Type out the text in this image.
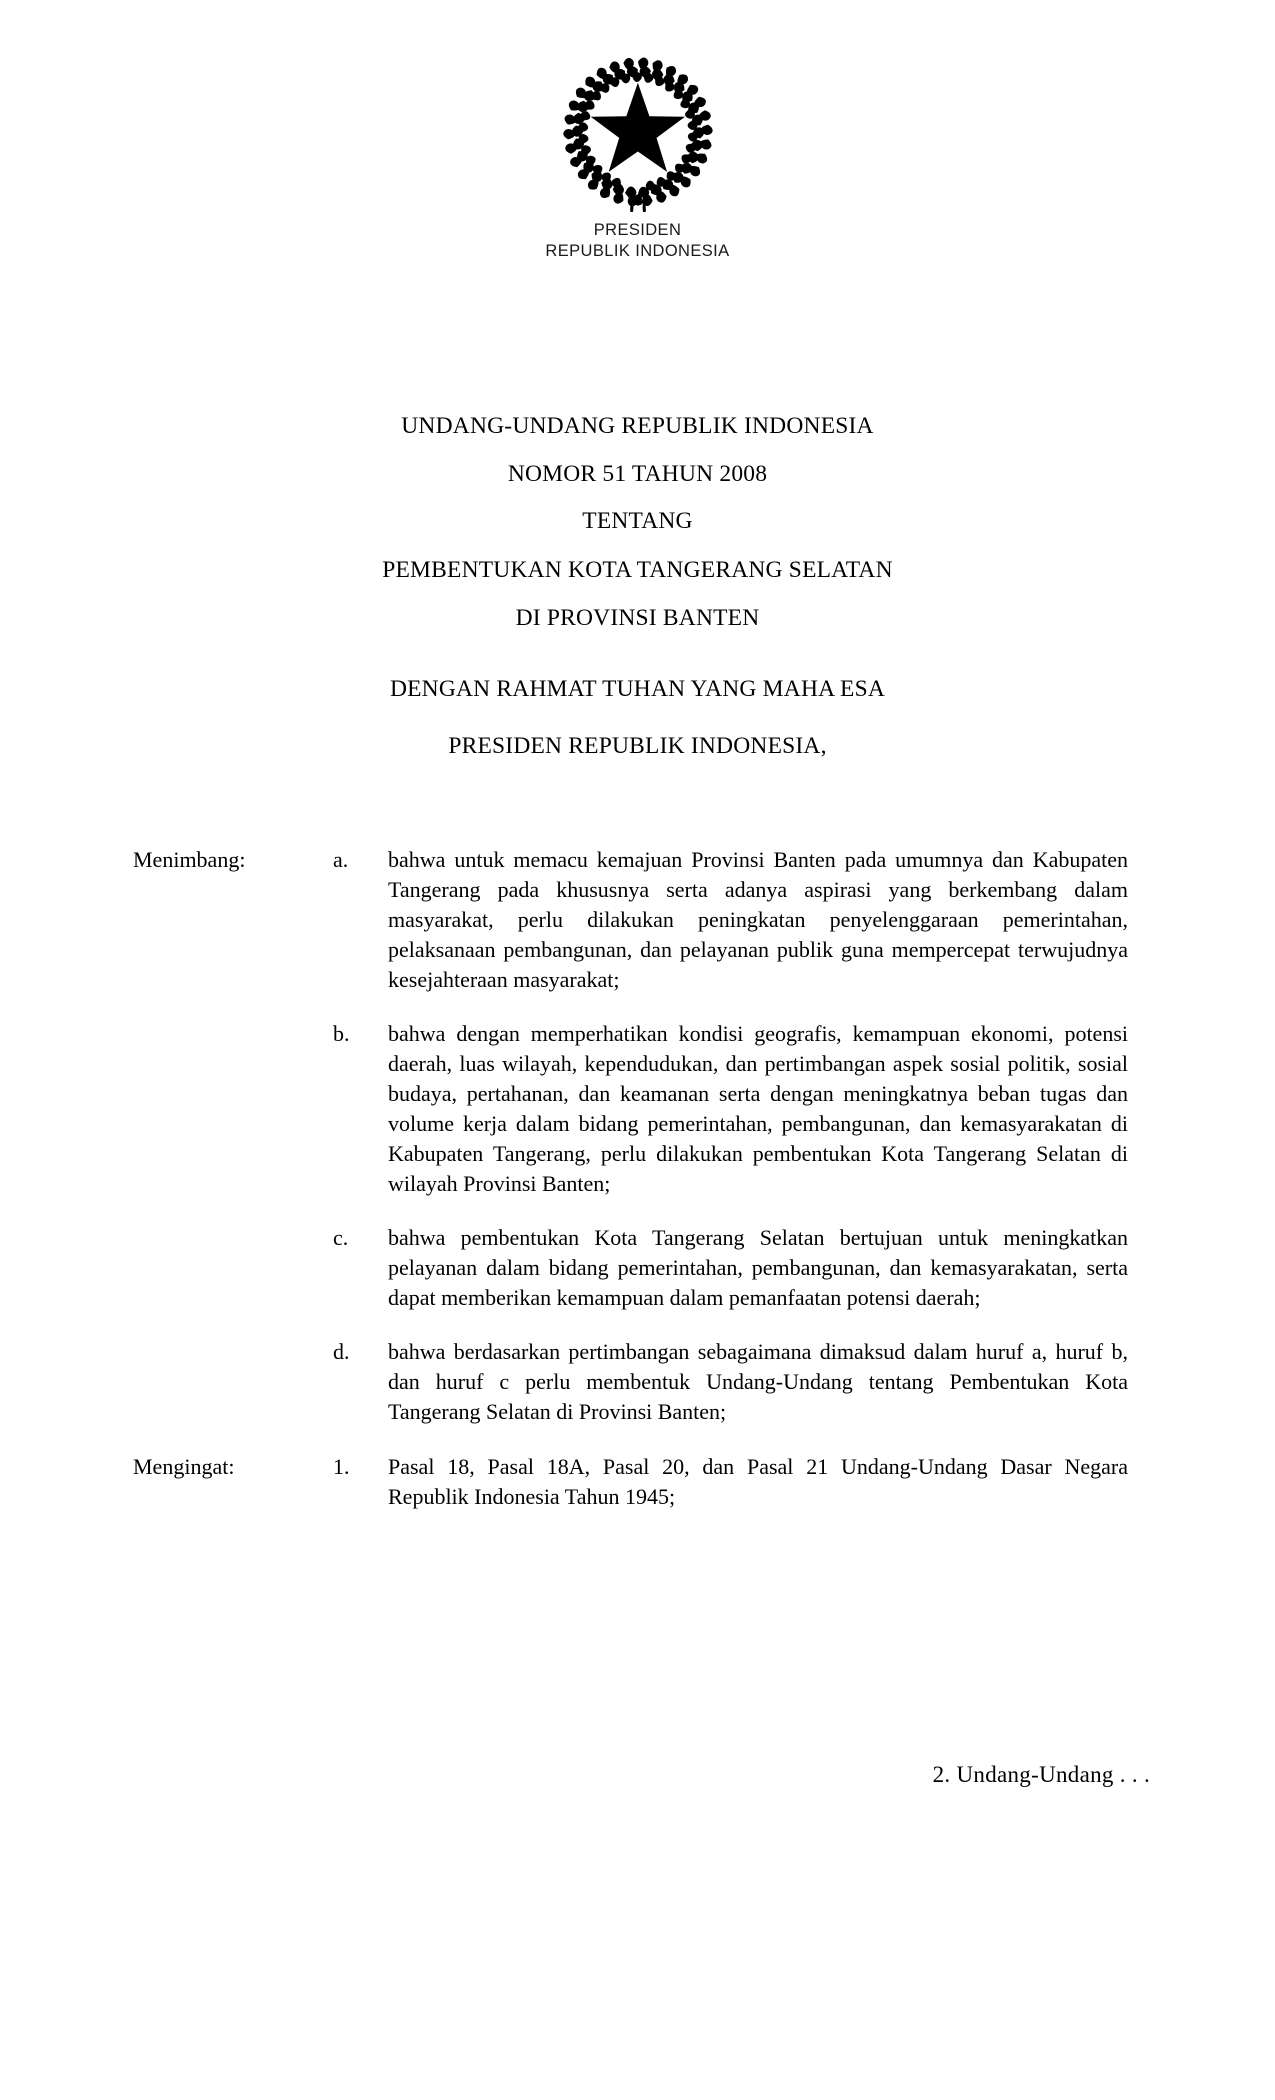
PRESIDEN
REPUBLIK INDONESIA
UNDANG-UNDANG REPUBLIK INDONESIA
NOMOR 51 TAHUN 2008
TENTANG
PEMBENTUKAN KOTA TANGERANG SELATAN
DI PROVINSI BANTEN
DENGAN RAHMAT TUHAN YANG MAHA ESA
PRESIDEN REPUBLIK INDONESIA,
Menimbang:	a.	bahwa untuk memacu kemajuan Provinsi Banten pada umumnya dan Kabupaten Tangerang pada khususnya serta adanya aspirasi yang berkembang dalam masyarakat, perlu dilakukan peningkatan penyelenggaraan pemerintahan, pelaksanaan pembangunan, dan pelayanan publik guna mempercepat terwujudnya kesejahteraan masyarakat;
b.	bahwa dengan memperhatikan kondisi geografis, kemampuan ekonomi, potensi daerah, luas wilayah, kependudukan, dan pertimbangan aspek sosial politik, sosial budaya, pertahanan, dan keamanan serta dengan meningkatnya beban tugas dan volume kerja dalam bidang pemerintahan, pembangunan, dan kemasyarakatan di Kabupaten Tangerang, perlu dilakukan pembentukan Kota Tangerang Selatan di wilayah Provinsi Banten;
c.	bahwa pembentukan Kota Tangerang Selatan bertujuan untuk meningkatkan pelayanan dalam bidang pemerintahan, pembangunan, dan kemasyarakatan, serta dapat memberikan kemampuan dalam pemanfaatan potensi daerah;
d.	bahwa berdasarkan pertimbangan sebagaimana dimaksud dalam huruf a, huruf b, dan huruf c perlu membentuk Undang-Undang tentang Pembentukan Kota Tangerang Selatan di Provinsi Banten;
Mengingat:	1.	Pasal 18, Pasal 18A, Pasal 20, dan Pasal 21 Undang-Undang Dasar Negara Republik Indonesia Tahun 1945;
2. Undang-Undang . . .
